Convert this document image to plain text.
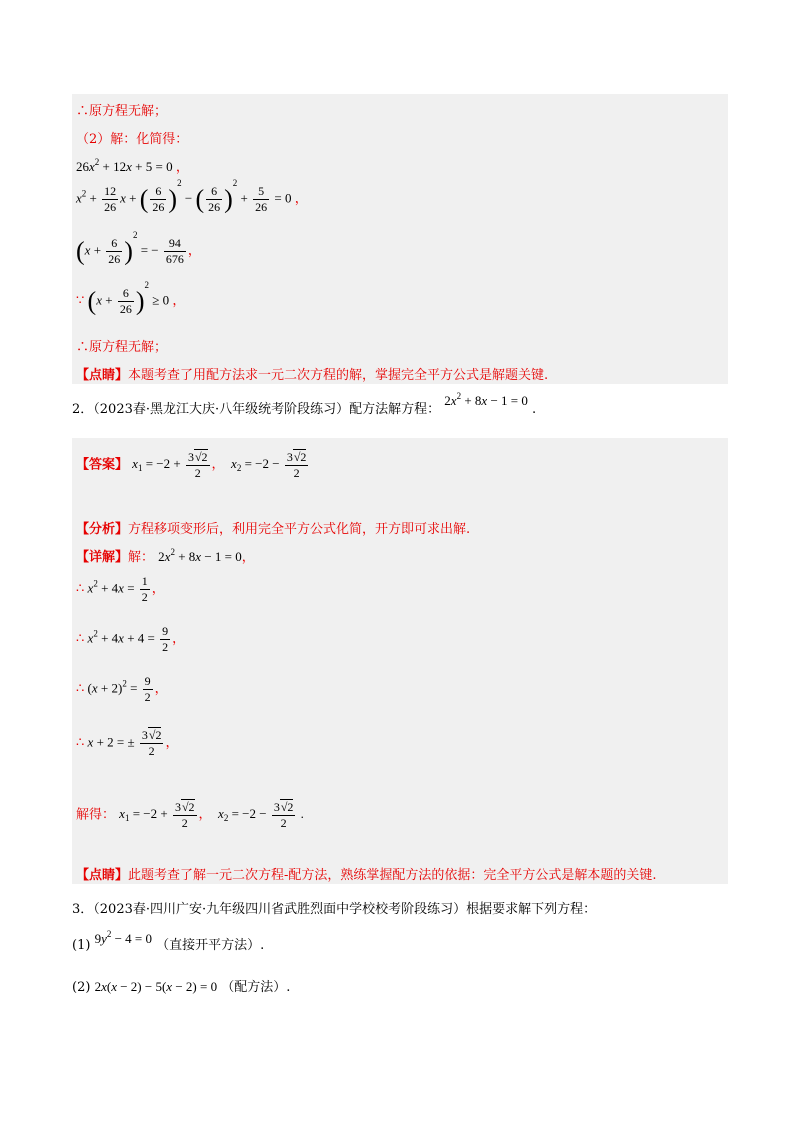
∴原方程无解；
（2）解：化简得：
$26x^2 + 12x + 5 = 0$ ，
$x^2 + \frac{12}{26}$ x + ( $\frac{6}{26} )^2$ − ( $\frac{6}{26} )^2 + \frac{5}{26} = 0$ ，
$(x + \frac{6}{26} )^2$ = − $\frac{94}{676}$ ，
∵ $(x + \frac{6}{26} )^2 \ge 0$ ，
∴原方程无解；
【点睛】本题考查了用配方法求一元二次方程的解，掌握完全平方公式是解题关键.
2．（2023春·黑龙江大庆·八年级统考阶段练习）配方法解方程： $2x^2 + 8x - 1 = 0$ .
【答案】 $x_1 = -2 + \frac{3√2}{2}$ ， $x_2 = -2 - \frac{3√2}{2}$
【分析】方程移项变形后，利用完全平方公式化简，开方即可求出解.
【详解】解： $2x^2 + 8x - 1 = 0$，
∴ $x^2 + 4x = \frac{1}{2}$ ，
∴ $x^2 + 4x + 4 = \frac{9}{2}$ ，
∴ $(x + 2)^2 = \frac{9}{2}$ ，
∴ x + 2 = ± $\frac{3√2}{2}$ ，
解得： $x_1 = -2 + \frac{3√2}{2}$ ， $x_2 = -2 - \frac{3√2}{2}$ .
【点睛】此题考查了解一元二次方程-配方法，熟练掌握配方法的依据：完全平方公式是解本题的关键.
3．（2023春·四川广安·九年级四川省武胜烈面中学校校考阶段练习）根据要求解下列方程：
(1) $9y^2 - 4 = 0$ （直接开平方法）.
(2) 2x(x − 2) − 5(x − 2) = 0 （配方法）.
